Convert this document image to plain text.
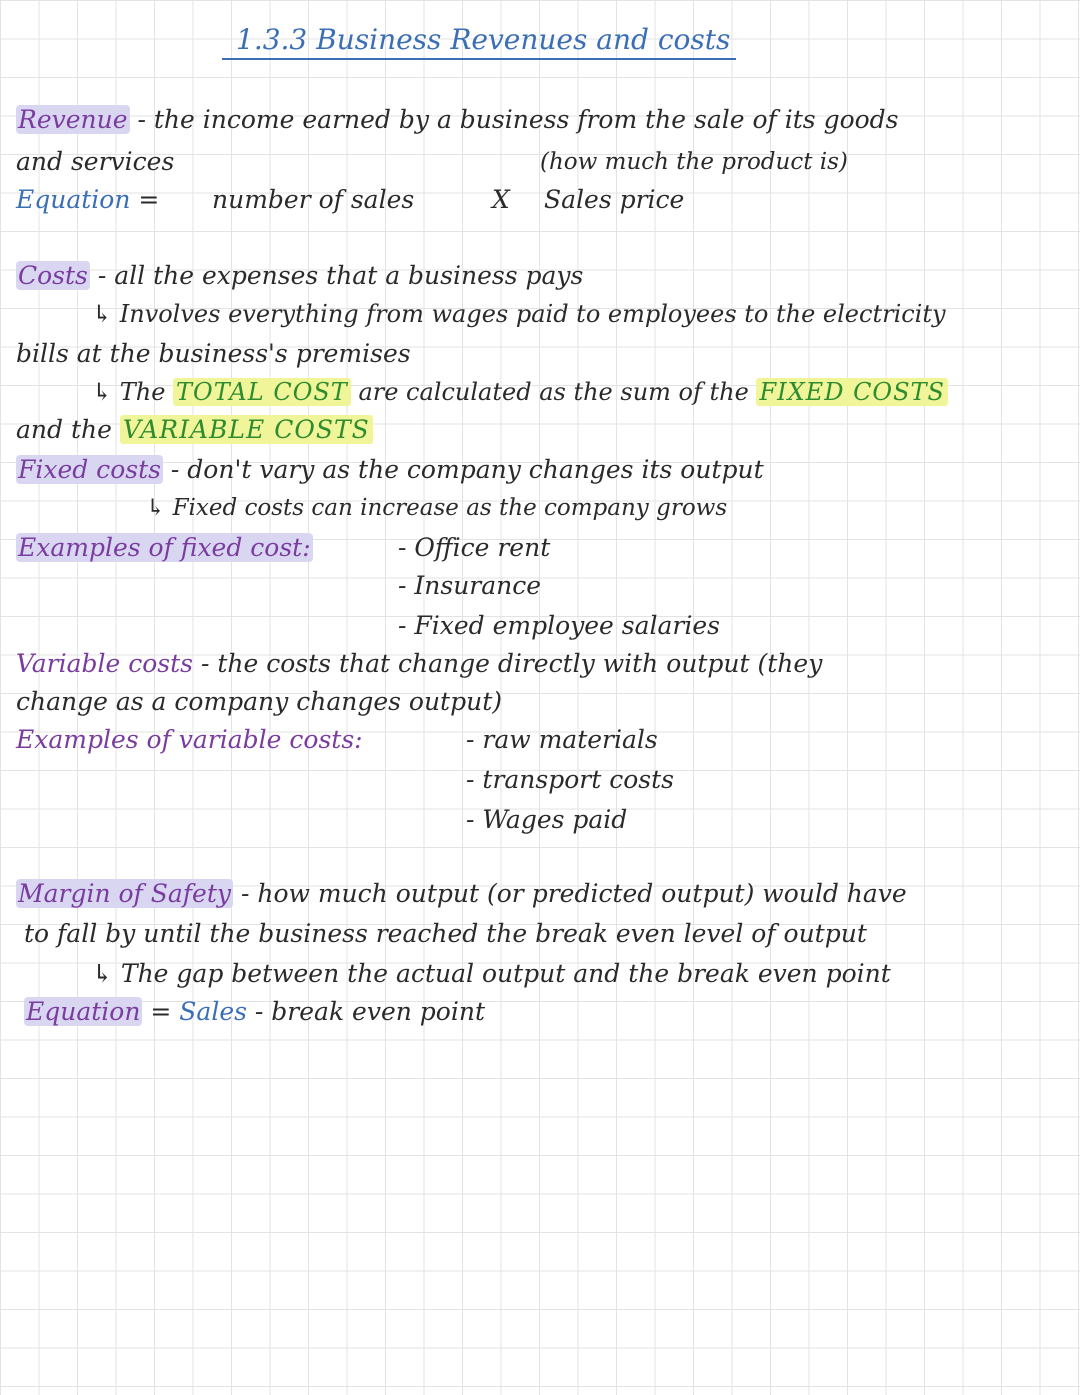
1.3.3 Business Revenues and costs
Revenue - the income earned by a business from the sale of its goods
and services	(how much the product is)
Equation = number of sales	X Sales price
Costs - all the expenses that a business pays
↳ Involves everything from wages paid to employees to the electricity
bills at the business's premises
↳ The TOTAL COST are calculated as the sum of the FIXED COSTS
and the VARIABLE COSTS
Fixed costs - don't vary as the company changes its output
↳ Fixed costs can increase as the company grows
Examples of fixed cost:	- Office rent
- Insurance
- Fixed employee salaries
Variable costs - the costs that change directly with output (they
change as a company changes output)
Examples of variable costs:	- raw materials
- transport costs
- Wages paid
Margin of Safety - how much output (or predicted output) would have
to fall by until the business reached the break even level of output
↳ The gap between the actual output and the break even point
Equation = Sales - break even point
